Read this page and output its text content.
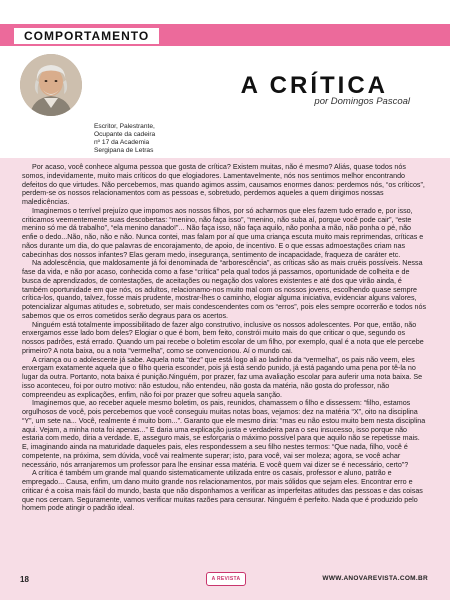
COMPORTAMENTO
Escritor, Palestrante,
Ocupante da cadeira
nº 17 da Academia
Sergipana de Letras
A CRÍTICA
por Domingos Pascoal

Por acaso, você conhece alguma pessoa que gosta de crítica? Existem muitas, não é mesmo? Aliás, quase todos nós somos, indevidamente, muito mais críticos do que elogiadores. Lamentavelmente, nós nos sentimos melhor encontrando defeitos do que virtudes. Não percebemos, mas quando agimos assim, causamos enormes danos: perdemos nós, “os críticos”, perdem-se os nossos relacionamentos com as pessoas e, sobretudo, perdemos aqueles a quem dirigimos nossas maledicências.

Imaginemos o terrível prejuízo que impomos aos nossos filhos, por só acharmos que eles fazem tudo errado e, por isso, criticamos veementemente suas descobertas: “menino, não faça isso”, “menino, não suba aí, porque você pode cair”, “este menino só me dá trabalho”, “ela menino danado!”... Não faça isso, não faça aquilo, não ponha a mão, não ponha o pé, não enfie o dedo...Não, não, não e não. Nunca contei, mas falam por aí que uma criança escuta muito mais reprimendas, críticas e nãos durante um dia, do que palavras de encorajamento, de apoio, de incentivo. E o que essas admoestações criam nas cabecinhas dos nossos infantes? Elas geram medo, insegurança, sentimento de incapacidade, fraqueza de caráter etc.

Na adolescência, que maldosamente já foi denominada de “arborescência”, as críticas são as mais cruéis possíveis. Nessa fase da vida, e não por acaso, conhecida como a fase “crítica” pela qual todos já passamos, oportunidade de colheita e de busca de aprendizados, de contestações, de aceitações ou negação dos valores existentes e até dos que virão ainda, é também oportunidade em que nós, os adultos, relacionamo-nos muito mal com os nossos jovens, escolhendo quase sempre crítica-los, quando, talvez, fosse mais prudente, mostrar-lhes o caminho, elogiar alguma iniciativa, evidenciar alguns valores, potencializar algumas atitudes e, sobretudo, ser mais condescendentes com os “erros”, pois eles sempre ocorrerão e todos nós sabemos que os erros cometidos serão degraus para os acertos.

Ninguém está totalmente impossibilitado de fazer algo construtivo, inclusive os nossos adolescentes. Por que, então, não enxergamos esse lado bom deles? Elogiar o que é bom, bem feito, constrói muito mais do que criticar o que, segundo os nossos padrões, está errado. Quando um pai recebe o boletim escolar de um filho, por exemplo, qual é a nota que ele percebe primeiro? A nota baixa, ou a nota “vermelha”, como se convencionou. Aí o mundo cai.

A criança ou o adolescente já sabe. Aquela nota “dez” que está logo ali ao ladinho da “vermelha”, os pais não veem, eles enxergam exatamente aquela que o filho queria esconder, pois já está sendo punido, já está pagando uma pena por tê-la no lugar da outra. Portanto, nota baixa é punição.Ninguém, por prazer, faz uma avaliação escolar para auferir uma nota baixa. Se isso aconteceu, foi por outro motivo: não estudou, não entendeu, não gosta da matéria, não gosta do professor, não compreendeu as explicações, enfim, não foi por prazer que sofreu aquela sanção.

Imaginemos que, ao receber aquele mesmo boletim, os pais, reunidos, chamassem o filho e dissessem: “filho, estamos orgulhosos de você, pois percebemos que você conseguiu muitas notas boas, vejamos: dez na matéria “X”, oito na disciplina “Y”, um sete na... Você, realmente é muito bom...”. Garanto que ele mesmo diria: “mas eu não estou muito bem nesta disciplina aqui. Vejam, a minha nota foi apenas...” E daria uma explicação justa e verdadeira para o seu insucesso, isso porque não estaria com medo, diria a verdade. E, asseguro mais, se esforçaria o máximo possível para que aquilo não se repetisse mais. E, imaginando ainda na maturidade daqueles pais, eles respondessem a seu filho nestes termos: “Que nada, filho, você é competente, na próxima, sem dúvida, você vai realmente superar; isto, para você, vai ser moleza; agora, se você achar necessário, nós arranjaremos um professor para lhe ensinar essa matéria. E você quem vai dizer se é necessário, certo”?

A crítica é também um grande mal quando sistematicamente utilizada entre os casais, professor e aluno, patrão e empregado... Causa, enfim, um dano muito grande nos relacionamentos, por mais sólidos que sejam eles. Encontrar erro e criticar é a coisa mais fácil do mundo, basta que não disponhamos a verificar as imperfeitas atitudes das pessoas e das coisas que nos cercam. Seguramente, vamos verificar muitas razões para censurar. Ninguém é perfeito. Nada que é produzido pelo homem pode atingir o padrão ideal.

18	A REVISTA	WWW.ANOVAREVISTA.COM.BR
